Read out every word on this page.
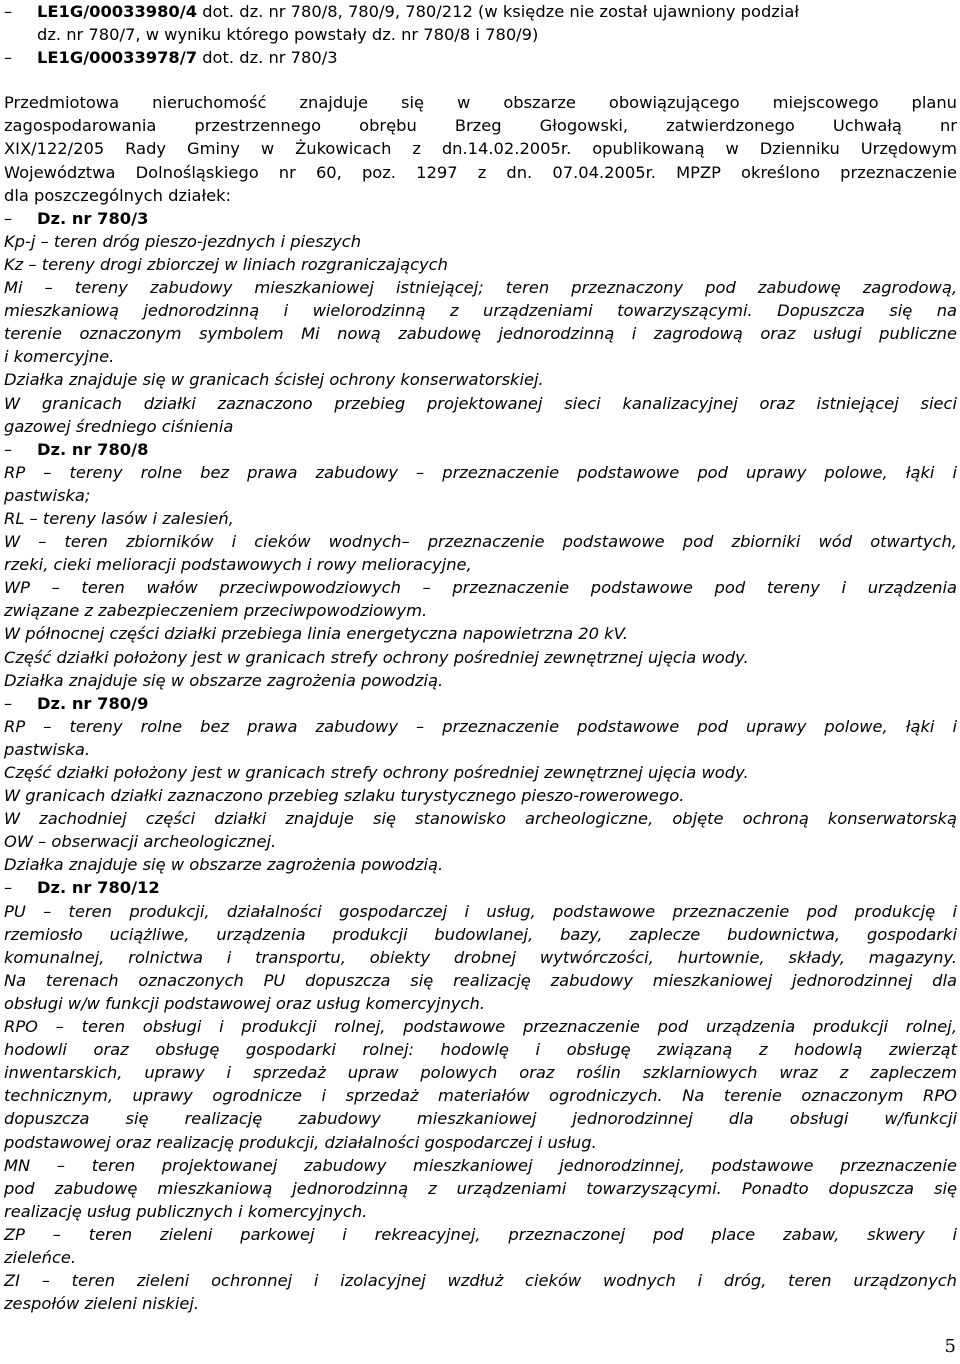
– LE1G/00033980/4 dot. dz. nr 780/8, 780/9, 780/212 (w księdze nie został ujawniony podział
dz. nr 780/7, w wyniku którego powstały dz. nr 780/8 i 780/9)
– LE1G/00033978/7 dot. dz. nr 780/3
Przedmiotowa nieruchomość znajduje się w obszarze obowiązującego miejscowego planu
zagospodarowania przestrzennego obrębu Brzeg Głogowski, zatwierdzonego Uchwałą nr
XIX/122/205 Rady Gminy w Żukowicach z dn.14.02.2005r. opublikowaną w Dzienniku Urzędowym
Województwa Dolnośląskiego nr 60, poz. 1297 z dn. 07.04.2005r. MPZP określono przeznaczenie
dla poszczególnych działek:
– Dz. nr 780/3
Kp-j – teren dróg pieszo-jezdnych i pieszych
Kz – tereny drogi zbiorczej w liniach rozgraniczających
Mi – tereny zabudowy mieszkaniowej istniejącej; teren przeznaczony pod zabudowę zagrodową,
mieszkaniową jednorodzinną i wielorodzinną z urządzeniami towarzyszącymi. Dopuszcza się na
terenie oznaczonym symbolem Mi nową zabudowę jednorodzinną i zagrodową oraz usługi publiczne
i komercyjne.
Działka znajduje się w granicach ścisłej ochrony konserwatorskiej.
W granicach działki zaznaczono przebieg projektowanej sieci kanalizacyjnej oraz istniejącej sieci
gazowej średniego ciśnienia
– Dz. nr 780/8
RP – tereny rolne bez prawa zabudowy – przeznaczenie podstawowe pod uprawy polowe, łąki i
pastwiska;
RL – tereny lasów i zalesień,
W – teren zbiorników i cieków wodnych– przeznaczenie podstawowe pod zbiorniki wód otwartych,
rzeki, cieki melioracji podstawowych i rowy melioracyjne,
WP – teren wałów przeciwpowodziowych – przeznaczenie podstawowe pod tereny i urządzenia
związane z zabezpieczeniem przeciwpowodziowym.
W północnej części działki przebiega linia energetyczna napowietrzna 20 kV.
Część działki położony jest w granicach strefy ochrony pośredniej zewnętrznej ujęcia wody.
Działka znajduje się w obszarze zagrożenia powodzią.
– Dz. nr 780/9
RP – tereny rolne bez prawa zabudowy – przeznaczenie podstawowe pod uprawy polowe, łąki i
pastwiska.
Część działki położony jest w granicach strefy ochrony pośredniej zewnętrznej ujęcia wody.
W granicach działki zaznaczono przebieg szlaku turystycznego pieszo-rowerowego.
W zachodniej części działki znajduje się stanowisko archeologiczne, objęte ochroną konserwatorską
OW – obserwacji archeologicznej.
Działka znajduje się w obszarze zagrożenia powodzią.
– Dz. nr 780/12
PU – teren produkcji, działalności gospodarczej i usług, podstawowe przeznaczenie pod produkcję i
rzemiosło uciążliwe, urządzenia produkcji budowlanej, bazy, zaplecze budownictwa, gospodarki
komunalnej, rolnictwa i transportu, obiekty drobnej wytwórczości, hurtownie, składy, magazyny.
Na terenach oznaczonych PU dopuszcza się realizację zabudowy mieszkaniowej jednorodzinnej dla
obsługi w/w funkcji podstawowej oraz usług komercyjnych.
RPO – teren obsługi i produkcji rolnej, podstawowe przeznaczenie pod urządzenia produkcji rolnej,
hodowli oraz obsługę gospodarki rolnej: hodowlę i obsługę związaną z hodowlą zwierząt
inwentarskich, uprawy i sprzedaż upraw polowych oraz roślin szklarniowych wraz z zapleczem
technicznym, uprawy ogrodnicze i sprzedaż materiałów ogrodniczych. Na terenie oznaczonym RPO
dopuszcza się realizację zabudowy mieszkaniowej jednorodzinnej dla obsługi w/funkcji
podstawowej oraz realizację produkcji, działalności gospodarczej i usług.
MN – teren projektowanej zabudowy mieszkaniowej jednorodzinnej, podstawowe przeznaczenie
pod zabudowę mieszkaniową jednorodzinną z urządzeniami towarzyszącymi. Ponadto dopuszcza się
realizację usług publicznych i komercyjnych.
ZP – teren zieleni parkowej i rekreacyjnej, przeznaczonej pod place zabaw, skwery i
zieleńce.
ZI – teren zieleni ochronnej i izolacyjnej wzdłuż cieków wodnych i dróg, teren urządzonych
zespołów zieleni niskiej.
5
